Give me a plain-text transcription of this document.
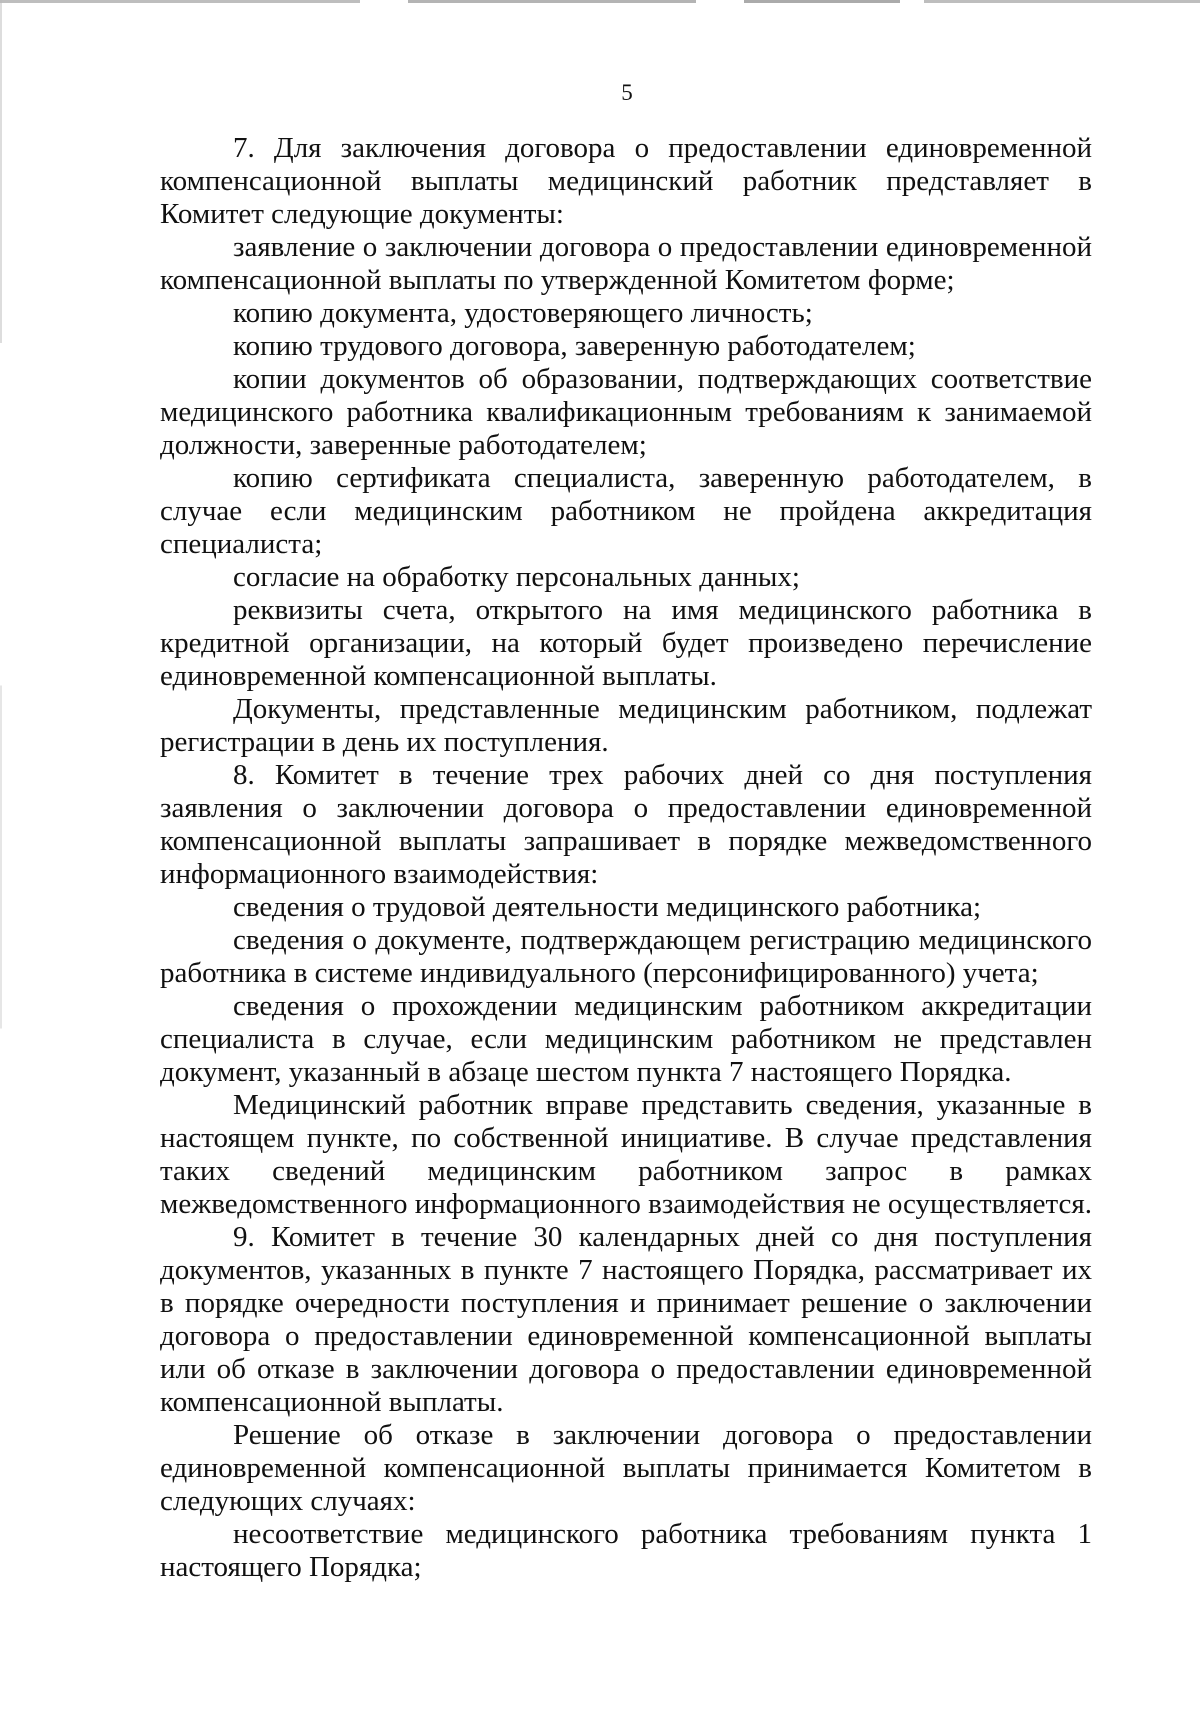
5

7. Для заключения договора о предоставлении единовременной компенсационной выплаты медицинский работник представляет в Комитет следующие документы:

заявление о заключении договора о предоставлении единовременной компенсационной выплаты по утвержденной Комитетом форме;

копию документа, удостоверяющего личность;

копию трудового договора, заверенную работодателем;

копии документов об образовании, подтверждающих соответствие медицинского работника квалификационным требованиям к занимаемой должности, заверенные работодателем;

копию сертификата специалиста, заверенную работодателем, в случае если медицинским работником не пройдена аккредитация специалиста;

согласие на обработку персональных данных;

реквизиты счета, открытого на имя медицинского работника в кредитной организации, на который будет произведено перечисление единовременной компенсационной выплаты.

Документы, представленные медицинским работником, подлежат регистрации в день их поступления.

8. Комитет в течение трех рабочих дней со дня поступления заявления о заключении договора о предоставлении единовременной компенсационной выплаты запрашивает в порядке межведомственного информационного взаимодействия:

сведения о трудовой деятельности медицинского работника;

сведения о документе, подтверждающем регистрацию медицинского работника в системе индивидуального (персонифицированного) учета;

сведения о прохождении медицинским работником аккредитации специалиста в случае, если медицинским работником не представлен документ, указанный в абзаце шестом пункта 7 настоящего Порядка.

Медицинский работник вправе представить сведения, указанные в настоящем пункте, по собственной инициативе. В случае представления таких сведений медицинским работником запрос в рамках межведомственного информационного взаимодействия не осуществляется.

9. Комитет в течение 30 календарных дней со дня поступления документов, указанных в пункте 7 настоящего Порядка, рассматривает их в порядке очередности поступления и принимает решение о заключении договора о предоставлении единовременной компенсационной выплаты или об отказе в заключении договора о предоставлении единовременной компенсационной выплаты.

Решение об отказе в заключении договора о предоставлении единовременной компенсационной выплаты принимается Комитетом в следующих случаях:

несоответствие медицинского работника требованиям пункта 1 настоящего Порядка;
